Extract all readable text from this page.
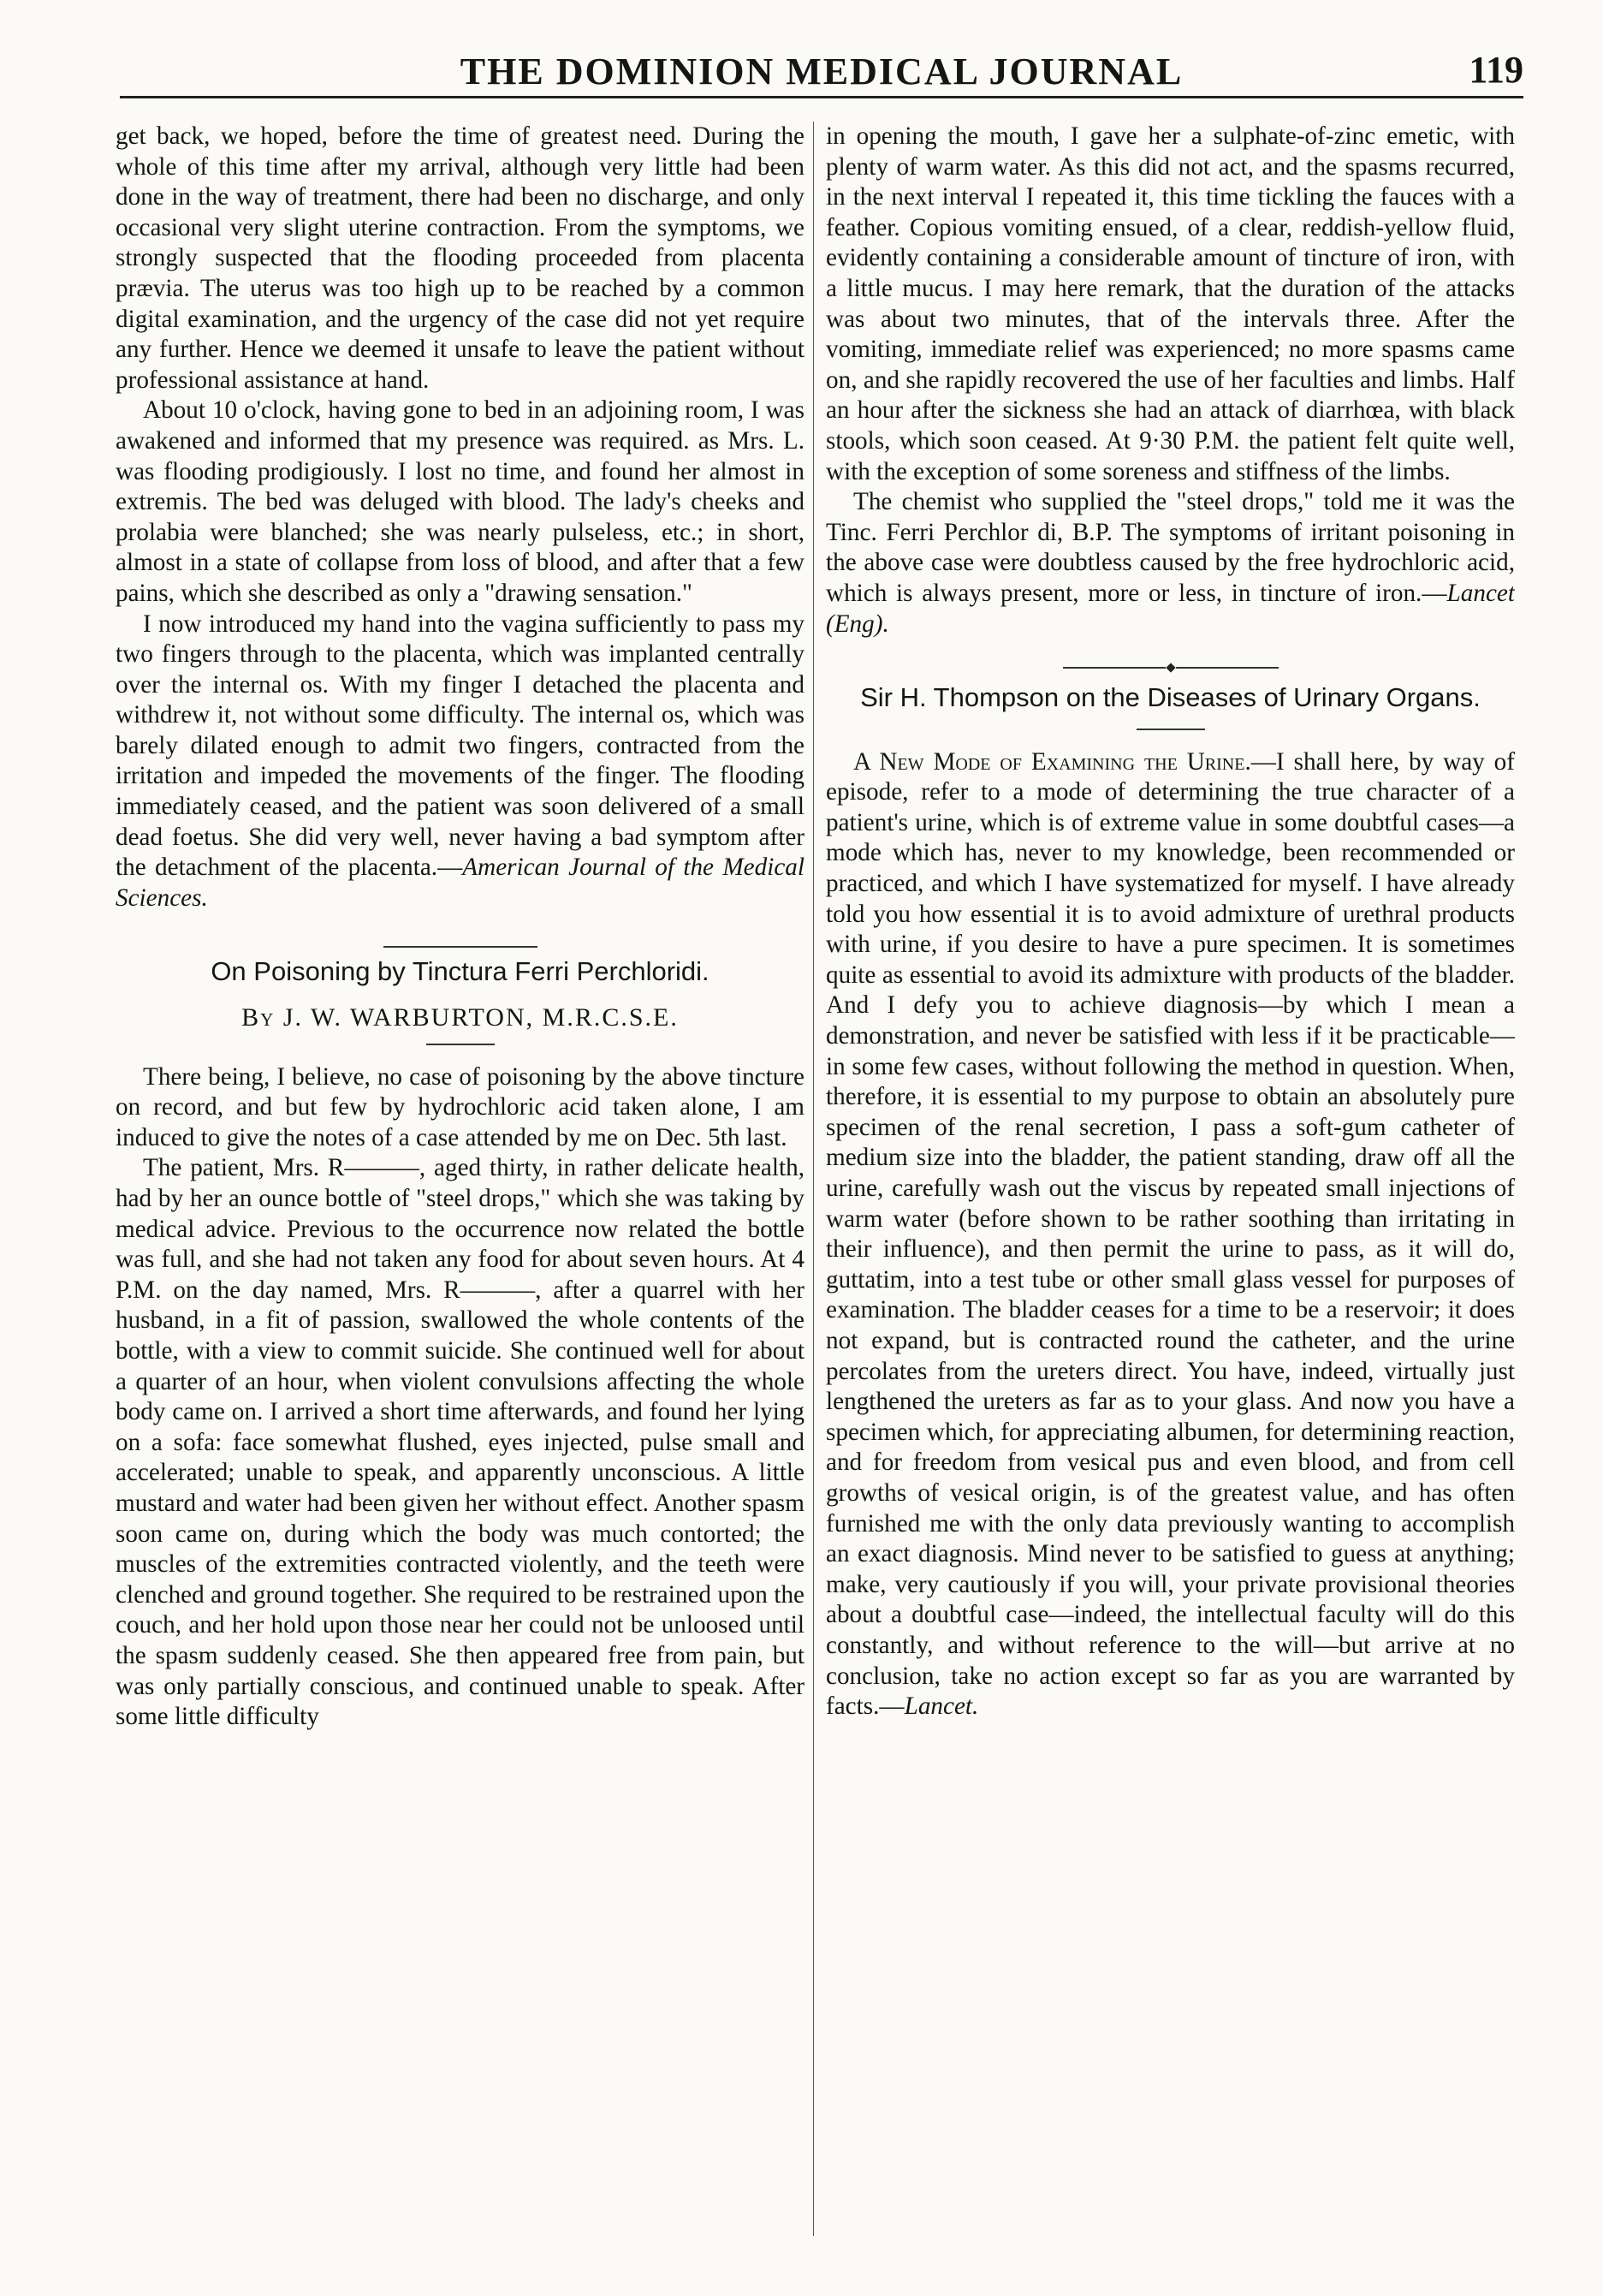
THE DOMINION MEDICAL JOURNAL	119

get back, we hoped, before the time of greatest need. During the whole of this time after my arrival, although very little had been done in the way of treatment, there had been no discharge, and only occasional very slight uterine contraction. From the symptoms, we strongly suspected that the flooding proceeded from placenta prævia. The uterus was too high up to be reached by a common digital examination, and the urgency of the case did not yet require any further. Hence we deemed it unsafe to leave the patient without professional assistance at hand.

About 10 o'clock, having gone to bed in an adjoining room, I was awakened and informed that my presence was required. as Mrs. L. was flooding prodigiously. I lost no time, and found her almost in extremis. The bed was deluged with blood. The lady's cheeks and prolabia were blanched; she was nearly pulseless, etc.; in short, almost in a state of collapse from loss of blood, and after that a few pains, which she described as only a "drawing sensation."

I now introduced my hand into the vagina sufficiently to pass my two fingers through to the placenta, which was implanted centrally over the internal os. With my finger I detached the placenta and withdrew it, not without some difficulty. The internal os, which was barely dilated enough to admit two fingers, contracted from the irritation and impeded the movements of the finger. The flooding immediately ceased, and the patient was soon delivered of a small dead foetus. She did very well, never having a bad symptom after the detachment of the placenta.—American Journal of the Medical Sciences.

On Poisoning by Tinctura Ferri Perchloridi.
By J. W. WARBURTON, M.R.C.S.E.

There being, I believe, no case of poisoning by the above tincture on record, and but few by hydrochloric acid taken alone, I am induced to give the notes of a case attended by me on Dec. 5th last.

The patient, Mrs. R———, aged thirty, in rather delicate health, had by her an ounce bottle of "steel drops," which she was taking by medical advice. Previous to the occurrence now related the bottle was full, and she had not taken any food for about seven hours. At 4 P.M. on the day named, Mrs. R———, after a quarrel with her husband, in a fit of passion, swallowed the whole contents of the bottle, with a view to commit suicide. She continued well for about a quarter of an hour, when violent convulsions affecting the whole body came on. I arrived a short time afterwards, and found her lying on a sofa: face somewhat flushed, eyes injected, pulse small and accelerated; unable to speak, and apparently unconscious. A little mustard and water had been given her without effect. Another spasm soon came on, during which the body was much contorted; the muscles of the extremities contracted violently, and the teeth were clenched and ground together. She required to be restrained upon the couch, and her hold upon those near her could not be unloosed until the spasm suddenly ceased. She then appeared free from pain, but was only partially conscious, and continued unable to speak. After some little difficulty

in opening the mouth, I gave her a sulphate-of-zinc emetic, with plenty of warm water. As this did not act, and the spasms recurred, in the next interval I repeated it, this time tickling the fauces with a feather. Copious vomiting ensued, of a clear, reddish-yellow fluid, evidently containing a considerable amount of tincture of iron, with a little mucus. I may here remark, that the duration of the attacks was about two minutes, that of the intervals three. After the vomiting, immediate relief was experienced; no more spasms came on, and she rapidly recovered the use of her faculties and limbs. Half an hour after the sickness she had an attack of diarrhœa, with black stools, which soon ceased. At 9·30 P.M. the patient felt quite well, with the exception of some soreness and stiffness of the limbs.

The chemist who supplied the "steel drops," told me it was the Tinc. Ferri Perchlor di, B.P. The symptoms of irritant poisoning in the above case were doubtless caused by the free hydrochloric acid, which is always present, more or less, in tincture of iron.—Lancet (Eng).

Sir H. Thompson on the Diseases of Urinary Organs.

A New Mode of Examining the Urine.—I shall here, by way of episode, refer to a mode of determining the true character of a patient's urine, which is of extreme value in some doubtful cases—a mode which has, never to my knowledge, been recommended or practiced, and which I have systematized for myself. I have already told you how essential it is to avoid admixture of urethral products with urine, if you desire to have a pure specimen. It is sometimes quite as essential to avoid its admixture with products of the bladder. And I defy you to achieve diagnosis—by which I mean a demonstration, and never be satisfied with less if it be practicable—in some few cases, without following the method in question. When, therefore, it is essential to my purpose to obtain an absolutely pure specimen of the renal secretion, I pass a soft-gum catheter of medium size into the bladder, the patient standing, draw off all the urine, carefully wash out the viscus by repeated small injections of warm water (before shown to be rather soothing than irritating in their influence), and then permit the urine to pass, as it will do, guttatim, into a test tube or other small glass vessel for purposes of examination. The bladder ceases for a time to be a reservoir; it does not expand, but is contracted round the catheter, and the urine percolates from the ureters direct. You have, indeed, virtually just lengthened the ureters as far as to your glass. And now you have a specimen which, for appreciating albumen, for determining reaction, and for freedom from vesical pus and even blood, and from cell growths of vesical origin, is of the greatest value, and has often furnished me with the only data previously wanting to accomplish an exact diagnosis. Mind never to be satisfied to guess at anything; make, very cautiously if you will, your private provisional theories about a doubtful case—indeed, the intellectual faculty will do this constantly, and without reference to the will—but arrive at no conclusion, take no action except so far as you are warranted by facts.—Lancet.
